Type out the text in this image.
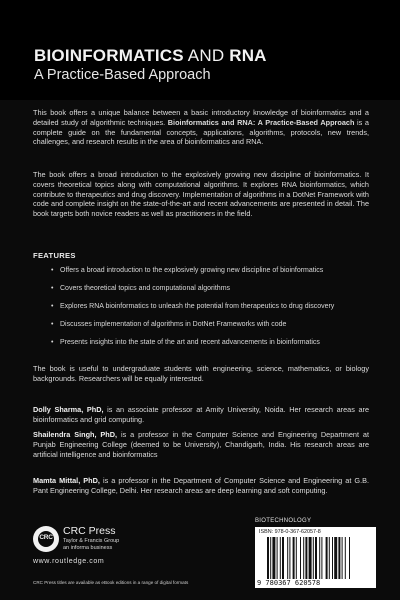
BIOINFORMATICS AND RNA
A Practice-Based Approach

This book offers a unique balance between a basic introductory knowledge of bioinformatics and a detailed study of algorithmic techniques. Bioinformatics and RNA: A Practice-Based Approach is a complete guide on the fundamental concepts, applications, algorithms, protocols, new trends, challenges, and research results in the area of bioinformatics and RNA.

The book offers a broad introduction to the explosively growing new discipline of bioinformatics. It covers theoretical topics along with computational algorithms. It explores RNA bioinformatics, which contribute to therapeutics and drug discovery. Implementation of algorithms in a DotNet Framework with code and complete insight on the state-of-the-art and recent advancements are presented in detail. The book targets both novice readers as well as practitioners in the field.

FEATURES
• Offers a broad introduction to the explosively growing new discipline of bioinformatics
• Covers theoretical topics and computational algorithms
• Explores RNA bioinformatics to unleash the potential from therapeutics to drug discovery
• Discusses implementation of algorithms in DotNet Frameworks with code
• Presents insights into the state of the art and recent advancements in bioinformatics

The book is useful to undergraduate students with engineering, science, mathematics, or biology backgrounds. Researchers will be equally interested.

Dolly Sharma, PhD, is an associate professor at Amity University, Noida. Her research areas are bioinformatics and grid computing.

Shailendra Singh, PhD, is a professor in the Computer Science and Engineering Department at Punjab Engineering College (deemed to be University), Chandigarh, India. His research areas are artificial intelligence and bioinformatics

Mamta Mittal, PhD, is a professor in the Department of Computer Science and Engineering at G.B. Pant Engineering College, Delhi. Her research areas are deep learning and soft computing.

CRC
CRC Press
Taylor & Francis Group
an informa business
www.routledge.com
CRC Press titles are available as eBook editions in a range of digital formats
BIOTECHNOLOGY
ISBN: 978-0-367-62057-8
9 780367 620578
